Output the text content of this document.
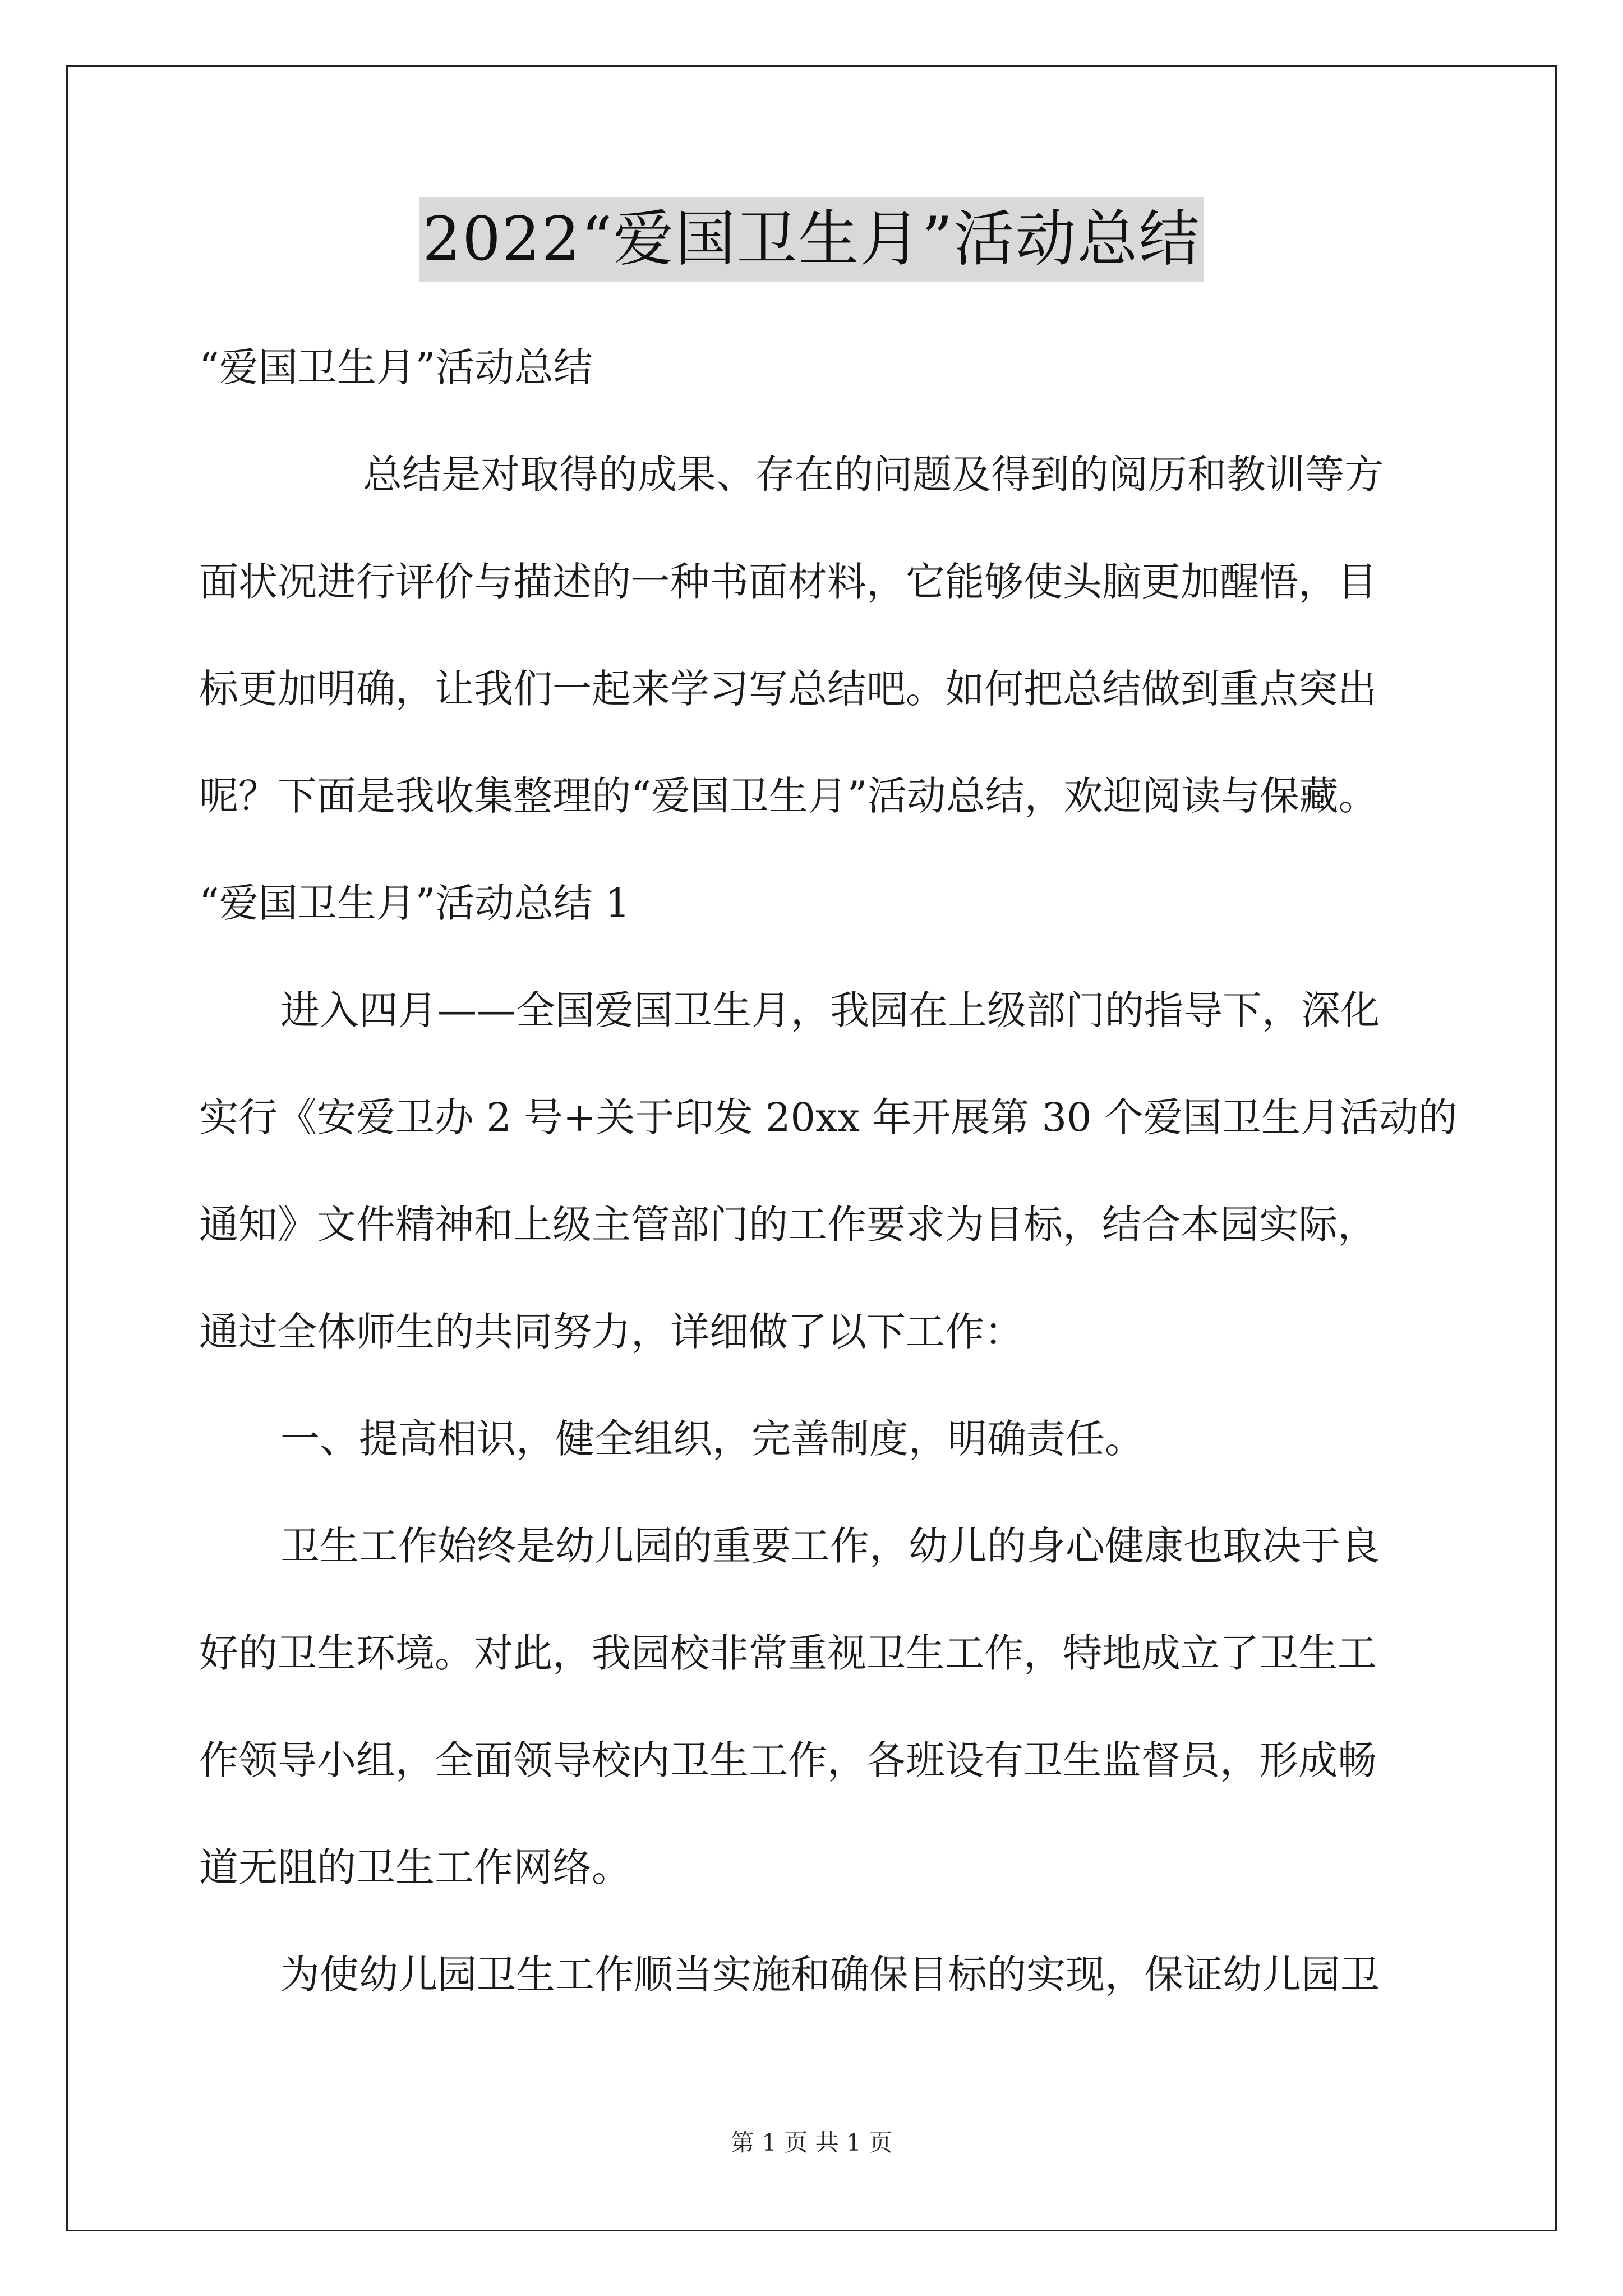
2022“爱国卫生月”活动总结
“爱国卫生月”活动总结
总结是对取得的成果、存在的问题及得到的阅历和教训等方
面状况进行评价与描述的一种书面材料，它能够使头脑更加醒悟，目
标更加明确，让我们一起来学习写总结吧。如何把总结做到重点突出
呢？下面是我收集整理的“爱国卫生月”活动总结，欢迎阅读与保藏。
“爱国卫生月”活动总结 1
进入四月——全国爱国卫生月，我园在上级部门的指导下，深化
实行《安爱卫办 2 号+关于印发 20xx 年开展第 30 个爱国卫生月活动的
通知》文件精神和上级主管部门的工作要求为目标，结合本园实际，
通过全体师生的共同努力，详细做了以下工作：
一、提高相识，健全组织，完善制度，明确责任。
卫生工作始终是幼儿园的重要工作，幼儿的身心健康也取决于良
好的卫生环境。对此，我园校非常重视卫生工作，特地成立了卫生工
作领导小组，全面领导校内卫生工作，各班设有卫生监督员，形成畅
道无阻的卫生工作网络。
为使幼儿园卫生工作顺当实施和确保目标的实现，保证幼儿园卫
第 1 页 共 1 页
